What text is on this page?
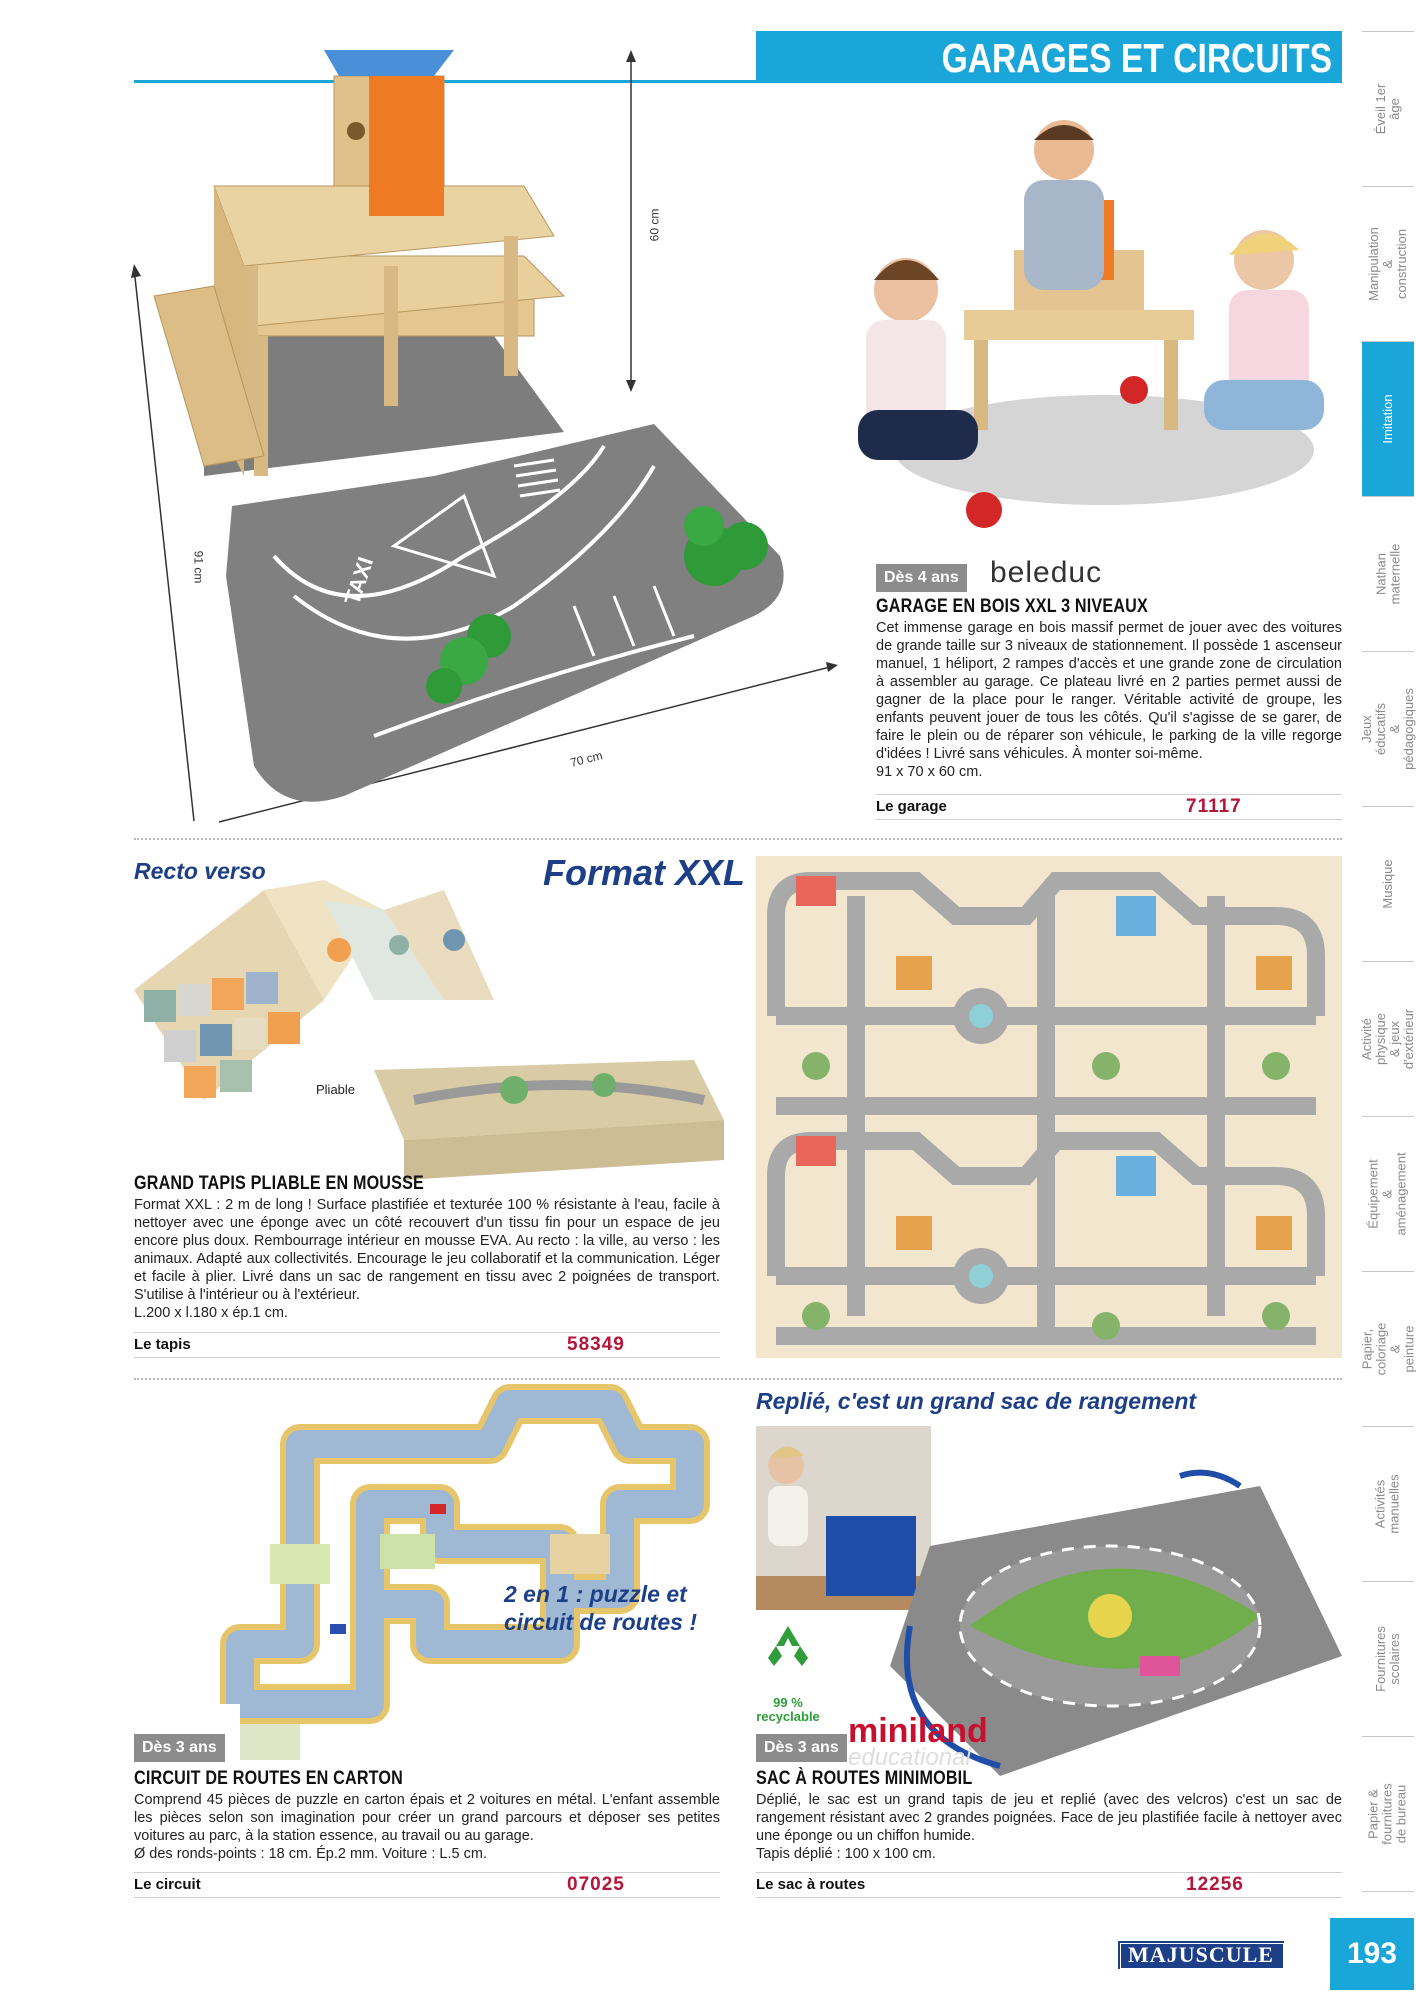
GARAGES ET CIRCUITS
Éveil 1er âge
Manipulation
& construction
Imitation
Nathan
maternelle
Jeux éducatifs
& pédagogiques
Musique
Activité physique
& jeux d'extérieur
Équipement
& aménagement
Papier, coloriage
& peinture
Activités
manuelles
Fournitures
scolaires
Papier & fournitures
de bureau
60 cm
91 cm
70 cm
TAXI
beleduc
Dès 4 ans beleduc
GARAGE EN BOIS XXL 3 NIVEAUX

Cet immense garage en bois massif permet de jouer avec des voitures de grande taille sur 3 niveaux de stationnement. Il possède 1 ascenseur manuel, 1 héliport, 2 rampes d'accès et une grande zone de circulation à assembler au garage. Ce plateau livré en 2 parties permet aussi de gagner de la place pour le ranger. Véritable activité de groupe, les enfants peuvent jouer de tous les côtés. Qu'il s'agisse de se garer, de faire le plein ou de réparer son véhicule, le parking de la ville regorge d'idées ! Livré sans véhicules. À monter soi-même.

91 x 70 x 60 cm.

Le garage	71117
Recto verso	Format XXL
Pliable
GRAND TAPIS PLIABLE EN MOUSSE

Format XXL : 2 m de long ! Surface plastifiée et texturée 100 % résistante à l'eau, facile à nettoyer avec une éponge avec un côté recouvert d'un tissu fin pour un espace de jeu encore plus doux. Rembourrage intérieur en mousse EVA. Au recto : la ville, au verso : les animaux. Adapté aux collectivités. Encourage le jeu collaboratif et la communication. Léger et facile à plier. Livré dans un sac de rangement en tissu avec 2 poignées de transport. S'utilise à l'intérieur ou à l'extérieur.

L.200 x l.180 x ép.1 cm.

Le tapis	58349
2 en 1 : puzzle et circuit de routes !
Dès 3 ans
CIRCUIT DE ROUTES EN CARTON

Comprend 45 pièces de puzzle en carton épais et 2 voitures en métal. L'enfant assemble les pièces selon son imagination pour créer un grand parcours et déposer ses petites voitures au parc, à la station essence, au travail ou au garage.

Ø des ronds-points : 18 cm. Ép.2 mm. Voiture : L.5 cm.

Le circuit	07025
Replié, c'est un grand sac de rangement
99 %
recyclable
Dès 3 ans miniland
educational
SAC À ROUTES MINIMOBIL

Déplié, le sac est un grand tapis de jeu et replié (avec des velcros) c'est un sac de rangement résistant avec 2 grandes poignées. Face de jeu plastifiée facile à nettoyer avec une éponge ou un chiffon humide.

Tapis déplié : 100 x 100 cm.

Le sac à routes	12256
MAJUSCULE	193
